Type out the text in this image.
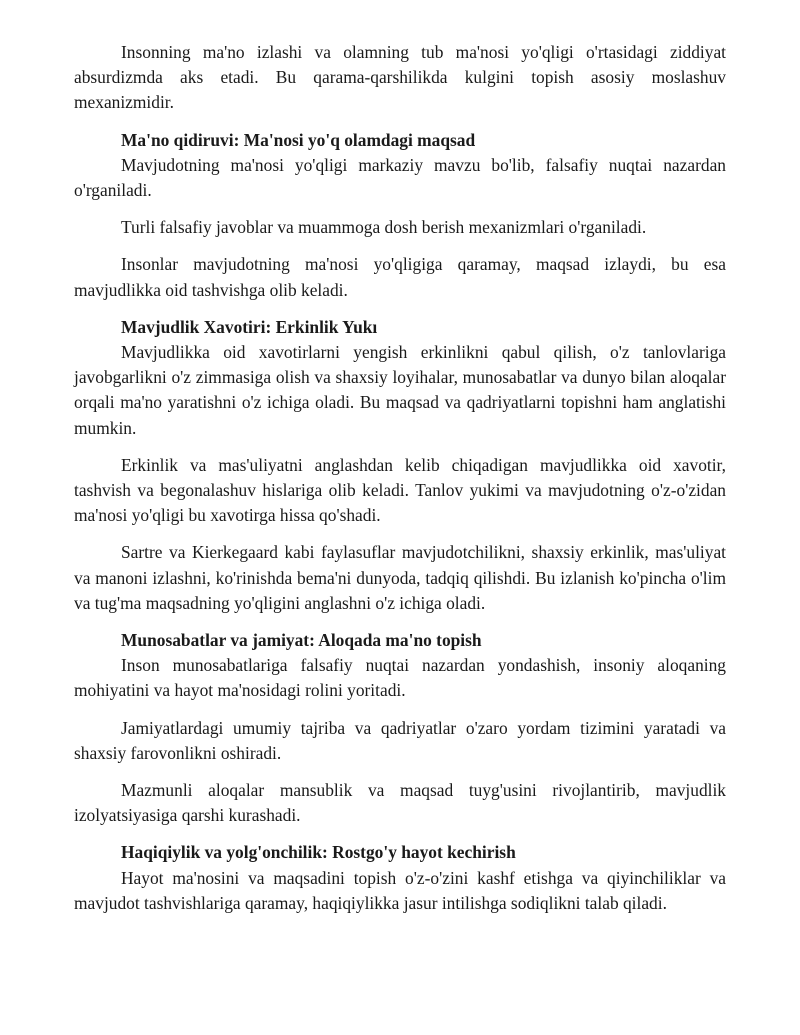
Insonning ma'no izlashi va olamning tub ma'nosi yo'qligi o'rtasidagi ziddiyat absurdizmda aks etadi. Bu qarama-qarshilikda kulgini topish asosiy moslashuv mexanizmidir.

Ma'no qidiruvi: Ma'nosi yo'q olamdagi maqsad

Mavjudotning ma'nosi yo'qligi markaziy mavzu bo'lib, falsafiy nuqtai nazardan o'rganiladi.

Turli falsafiy javoblar va muammoga dosh berish mexanizmlari o'rganiladi.

Insonlar mavjudotning ma'nosi yo'qligiga qaramay, maqsad izlaydi, bu esa mavjudlikka oid tashvishga olib keladi.

Mavjudlik Xavotiri: Erkinlik Yukı

Mavjudlikka oid xavotirlarni yengish erkinlikni qabul qilish, o'z tanlovlariga javobgarlikni o'z zimmasiga olish va shaxsiy loyihalar, munosabatlar va dunyo bilan aloqalar orqali ma'no yaratishni o'z ichiga oladi. Bu maqsad va qadriyatlarni topishni ham anglatishi mumkin.

Erkinlik va mas'uliyatni anglashdan kelib chiqadigan mavjudlikka oid xavotir, tashvish va begonalashuv hislariga olib keladi. Tanlov yukimi va mavjudotning o'z-o'zidan ma'nosi yo'qligi bu xavotirga hissa qo'shadi.

Sartre va Kierkegaard kabi faylasuflar mavjudotchilikni, shaxsiy erkinlik, mas'uliyat va manoni izlashni, ko'rinishda bema'ni dunyoda, tadqiq qilishdi. Bu izlanish ko'pincha o'lim va tug'ma maqsadning yo'qligini anglashni o'z ichiga oladi.

Munosabatlar va jamiyat: Aloqada ma'no topish

Inson munosabatlariga falsafiy nuqtai nazardan yondashish, insoniy aloqaning mohiyatini va hayot ma'nosidagi rolini yoritadi.

Jamiyatlardagi umumiy tajriba va qadriyatlar o'zaro yordam tizimini yaratadi va shaxsiy farovonlikni oshiradi.

Mazmunli aloqalar mansublik va maqsad tuyg'usini rivojlantirib, mavjudlik izolyatsiyasiga qarshi kurashadi.

Haqiqiylik va yolg'onchilik: Rostgo'y hayot kechirish

Hayot ma'nosini va maqsadini topish o'z-o'zini kashf etishga va qiyinchiliklar va mavjudot tashvishlariga qaramay, haqiqiylikka jasur intilishga sodiqlikni talab qiladi.
